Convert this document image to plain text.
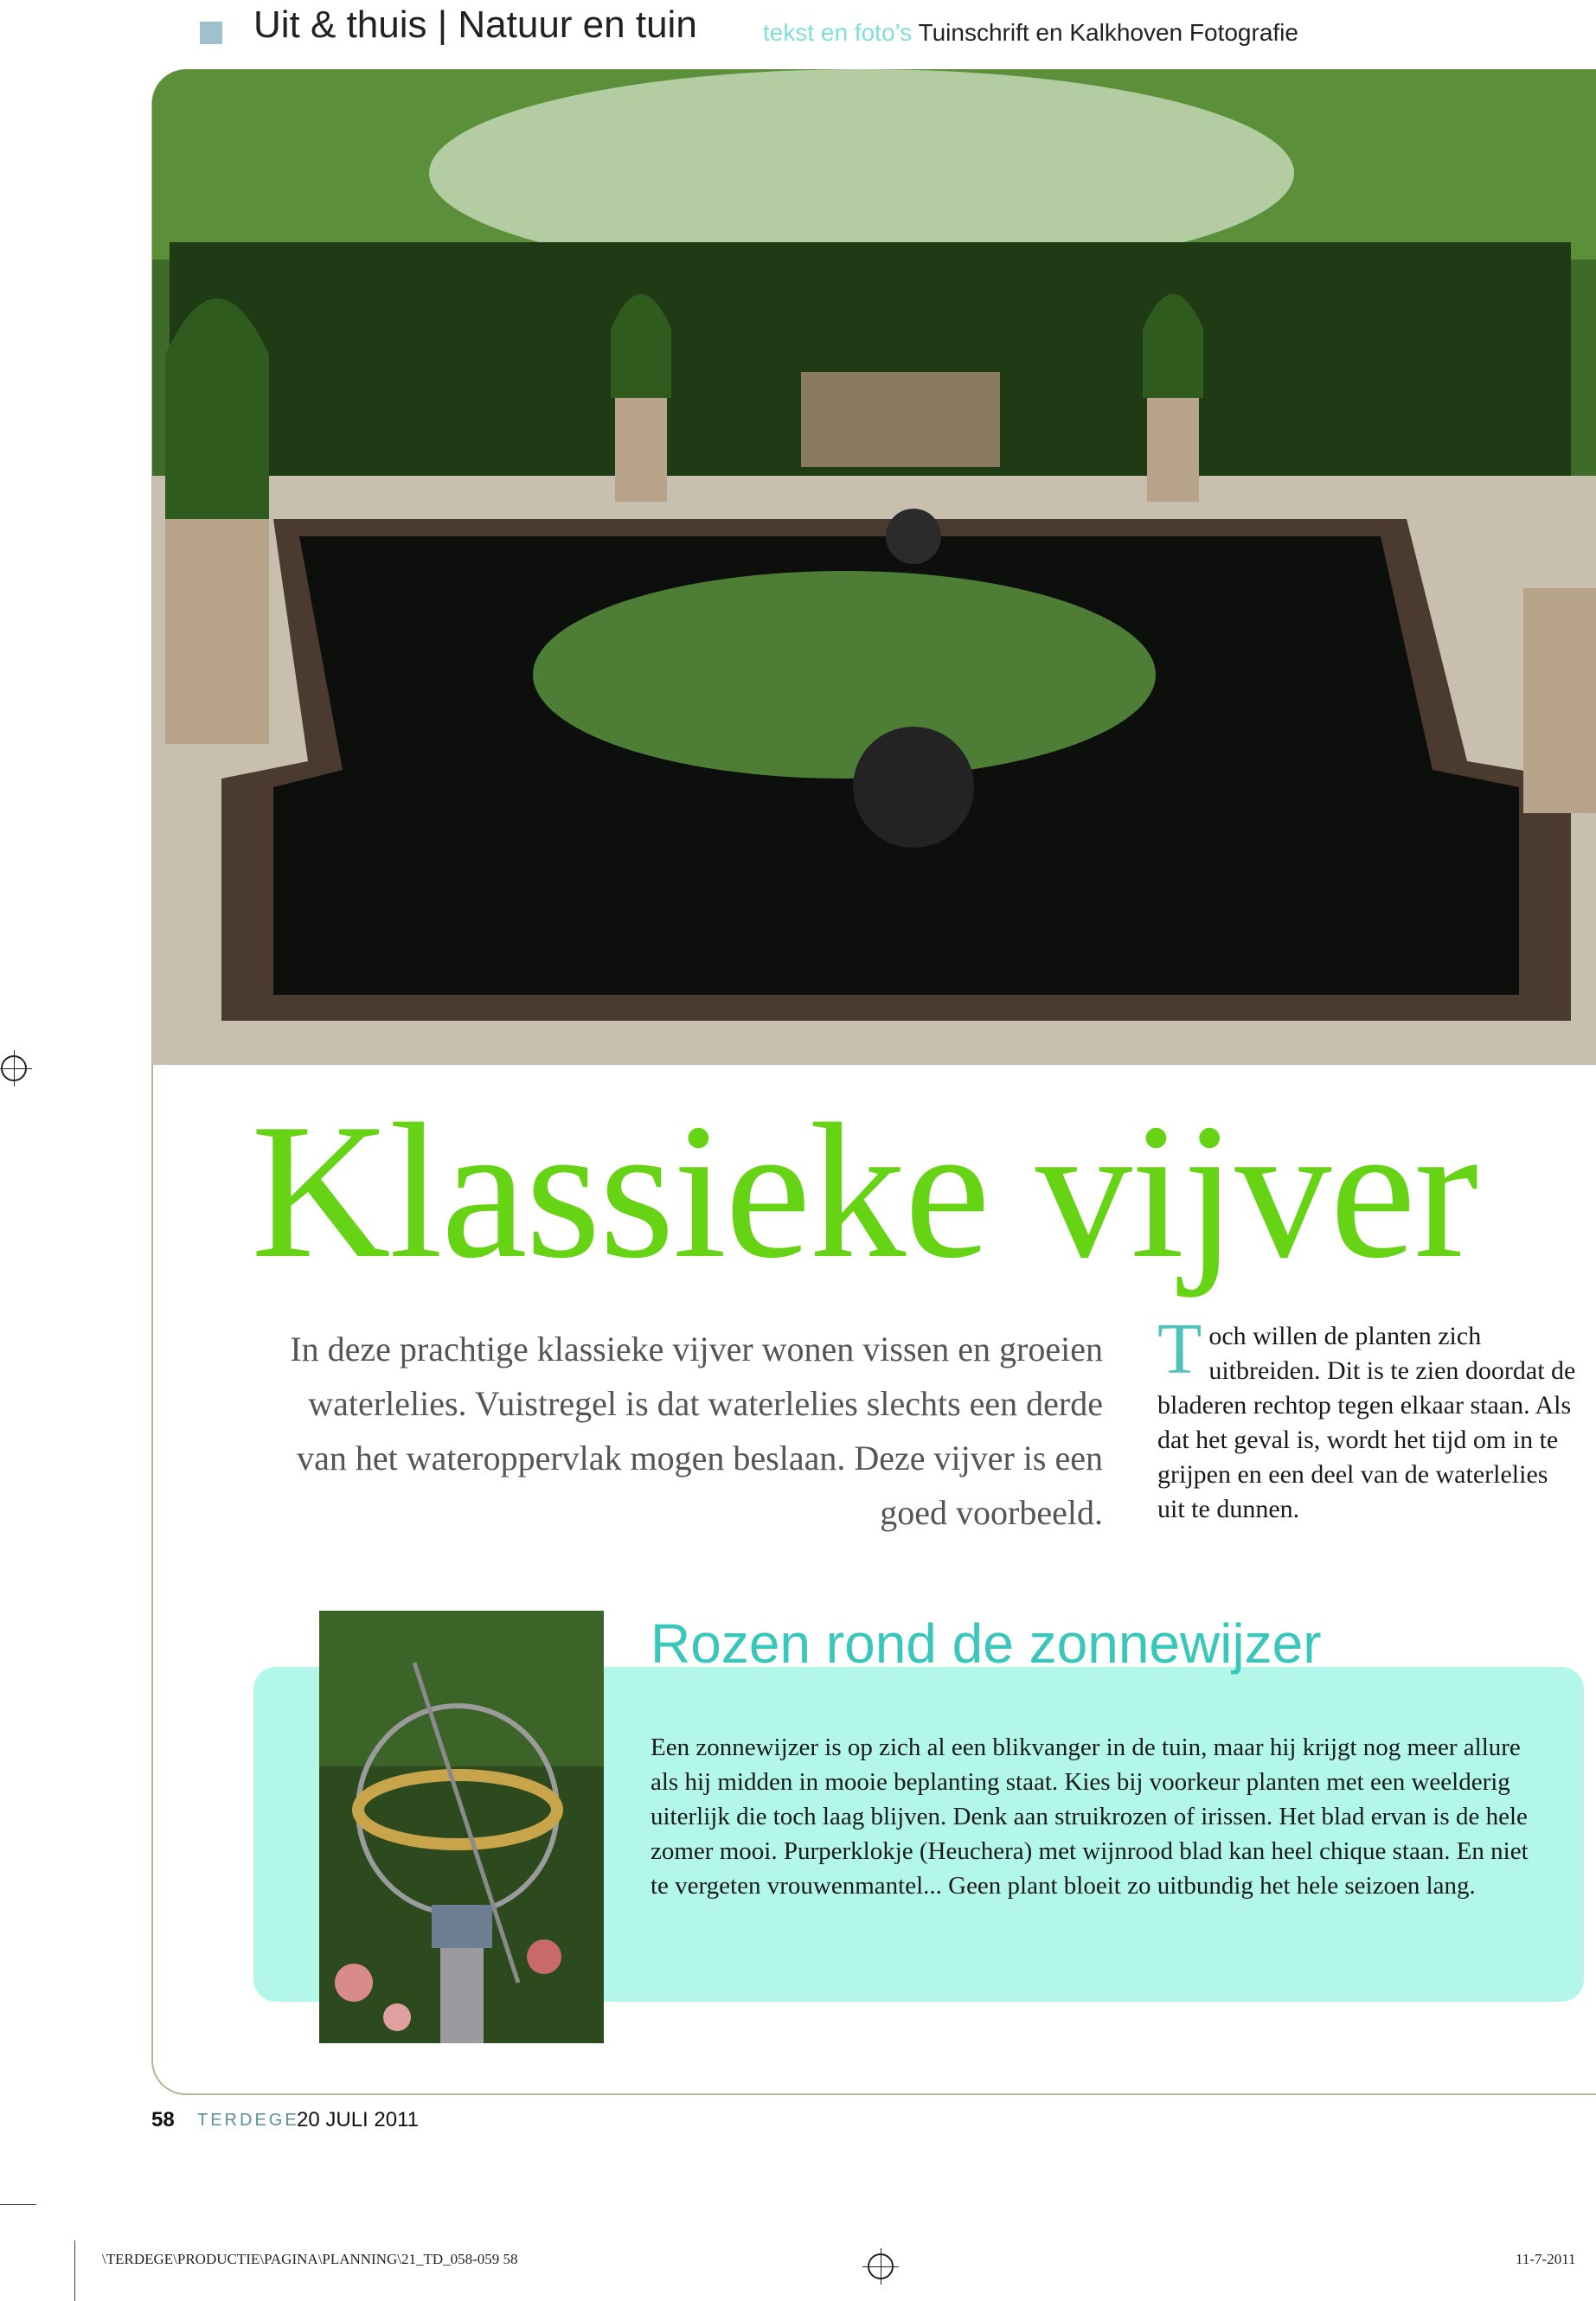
Uit & thuis | Natuur en tuin	tekst en foto’s Tuinschrift en Kalkhoven Fotografie
Klassieke vijver
In deze prachtige klassieke vijver wonen vissen en groeien waterlelies. Vuistregel is dat waterlelies slechts een derde van het wateroppervlak mogen beslaan. Deze vijver is een goed voorbeeld.
T och willen de planten zich uitbreiden. Dit is te zien doordat de bladeren rechtop tegen elkaar staan. Als dat het geval is, wordt het tijd om in te grijpen en een deel van de waterlelies uit te dunnen.
Rozen rond de zonnewijzer
Een zonnewijzer is op zich al een blikvanger in de tuin, maar hij krijgt nog meer allure als hij midden in mooie beplanting staat. Kies bij voorkeur planten met een weelderig uiterlijk die toch laag blijven. Denk aan struikrozen of irissen. Het blad ervan is de hele zomer mooi. Purperklokje (Heuchera) met wijnrood blad kan heel chique staan. En niet te vergeten vrouwenmantel... Geen plant bloeit zo uitbundig het hele seizoen lang.
58 TERDEGE
20 JULI 2011
\TERDEGE\PRODUCTIE\PAGINA\PLANNING\21_TD_058-059 58	11-7-2011
